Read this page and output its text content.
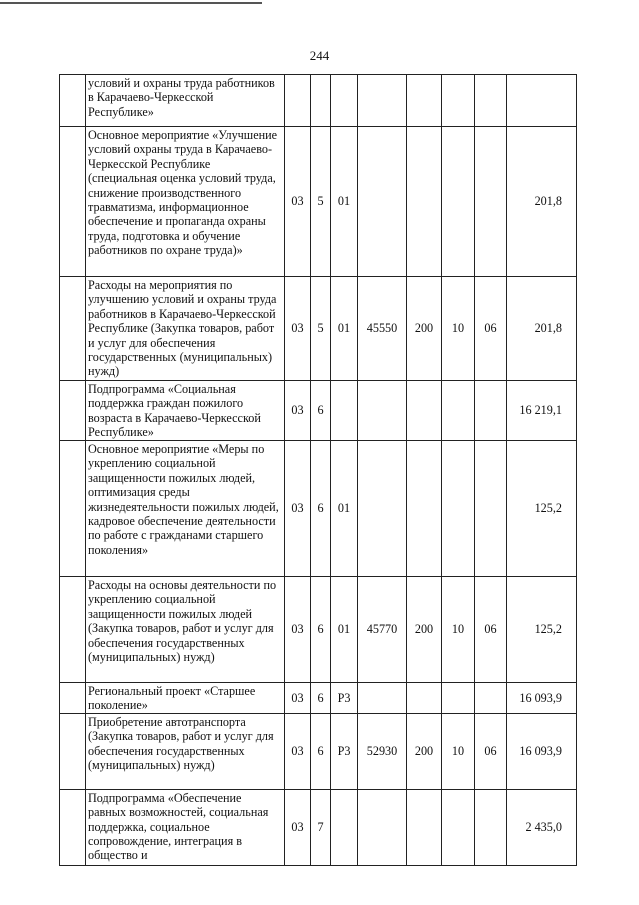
244
	условий и охраны труда работников в Карачаево-Черкесской Республике»								
	Основное мероприятие «Улучшение условий охраны труда в Карачаево-Черкесской Республике (специальная оценка условий труда, снижение производственного травматизма, информационное обеспечение и пропаганда охраны труда, подготовка и обучение работников по охране труда)»	03	5	01					201,8
	Расходы на мероприятия по улучшению условий и охраны труда работников в Карачаево-Черкесской Республике (Закупка товаров, работ и услуг для обеспечения государственных (муниципальных) нужд)	03	5	01	45550	200	10	06	201,8
	Подпрограмма «Социальная поддержка граждан пожилого возраста в Карачаево-Черкесской Республике»	03	6						16 219,1
	Основное мероприятие «Меры по укреплению социальной защищенности пожилых людей, оптимизация среды жизнедеятельности пожилых людей, кадровое обеспечение деятельности по работе с гражданами старшего поколения»	03	6	01					125,2
	Расходы на основы деятельности по укреплению социальной защищенности пожилых людей (Закупка товаров, работ и услуг для обеспечения государственных (муниципальных) нужд)	03	6	01	45770	200	10	06	125,2
	Региональный проект «Старшее поколение»	03	6	Р3					16 093,9
	Приобретение автотранспорта (Закупка товаров, работ и услуг для обеспечения государственных (муниципальных) нужд)	03	6	Р3	52930	200	10	06	16 093,9
	Подпрограмма «Обеспечение равных возможностей, социальная поддержка, социальное сопровождение, интеграция в общество и	03	7						2 435,0
